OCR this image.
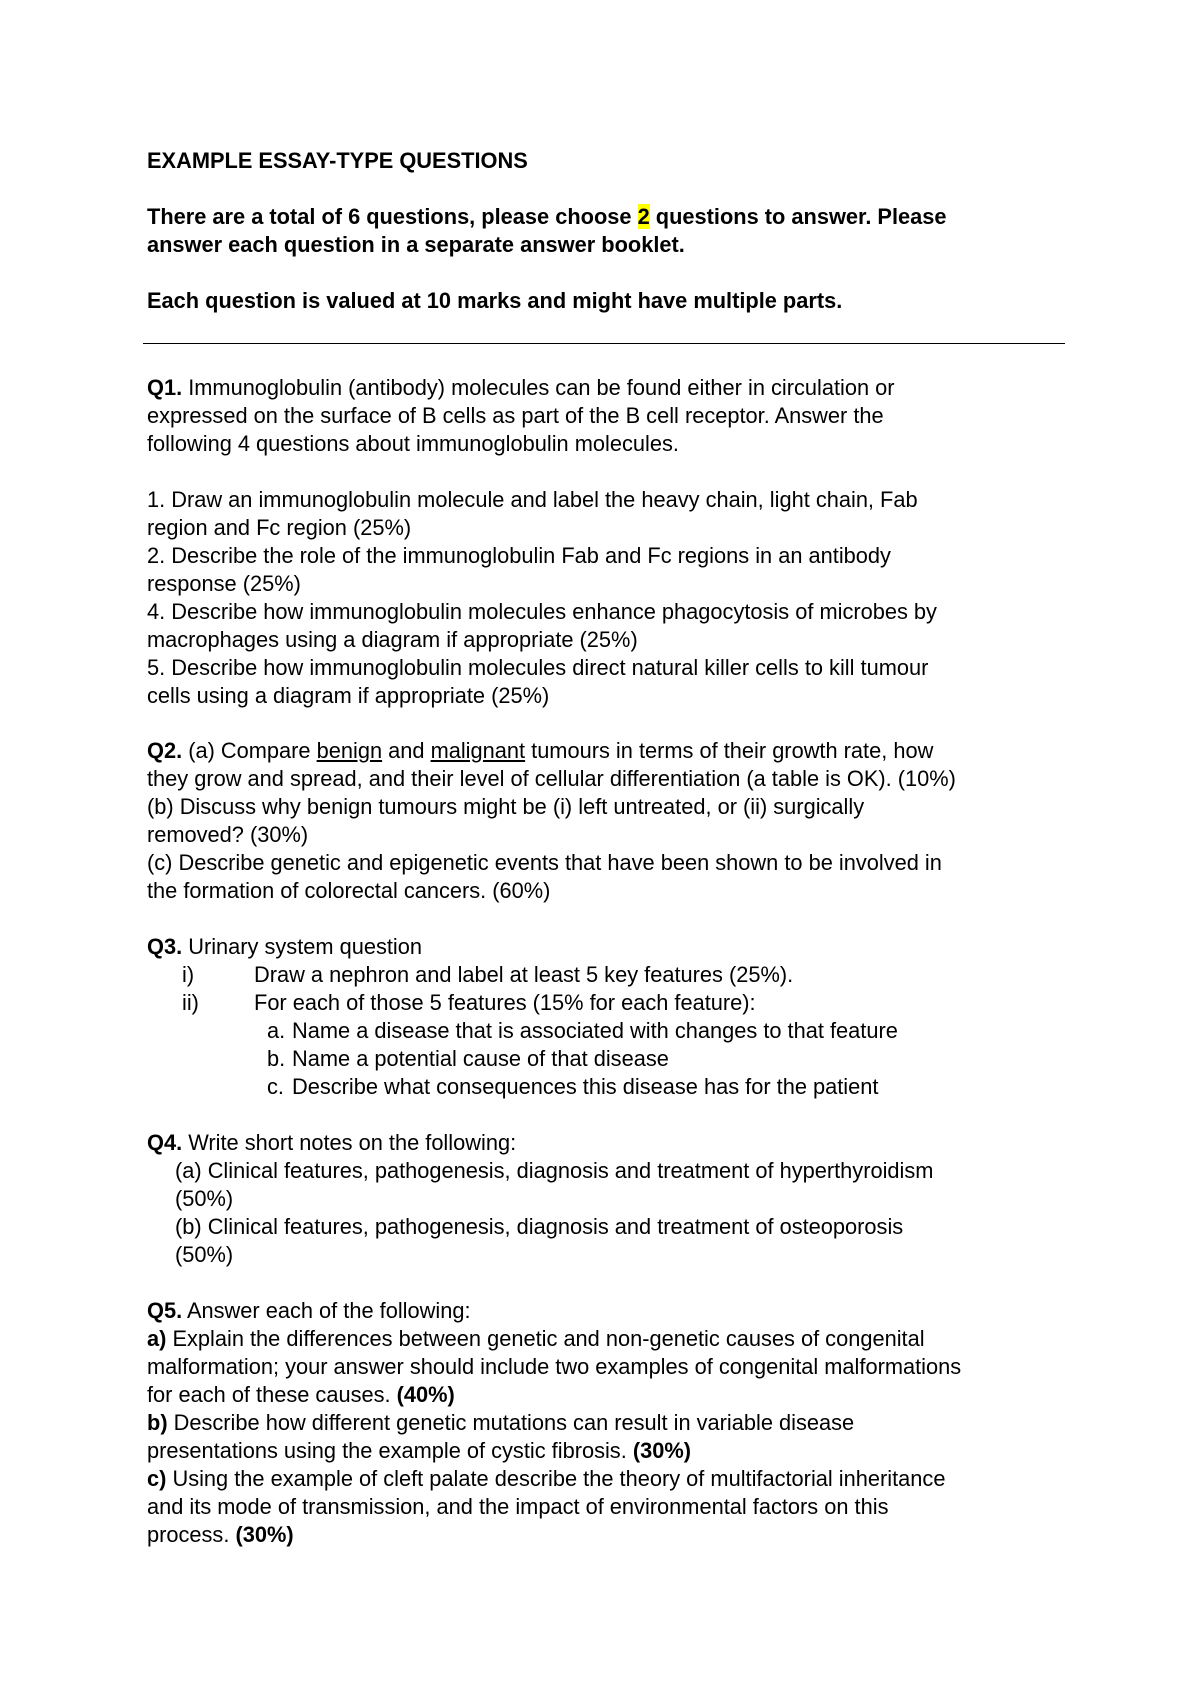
EXAMPLE ESSAY-TYPE QUESTIONS
There are a total of 6 questions, please choose 2 questions to answer. Please
answer each question in a separate answer booklet.
Each question is valued at 10 marks and might have multiple parts.
Q1. Immunoglobulin (antibody) molecules can be found either in circulation or
expressed on the surface of B cells as part of the B cell receptor. Answer the
following 4 questions about immunoglobulin molecules.
1. Draw an immunoglobulin molecule and label the heavy chain, light chain, Fab
region and Fc region (25%)
2. Describe the role of the immunoglobulin Fab and Fc regions in an antibody
response (25%)
4. Describe how immunoglobulin molecules enhance phagocytosis of microbes by
macrophages using a diagram if appropriate (25%)
5. Describe how immunoglobulin molecules direct natural killer cells to kill tumour
cells using a diagram if appropriate (25%)
Q2. (a) Compare benign and malignant tumours in terms of their growth rate, how
they grow and spread, and their level of cellular differentiation (a table is OK). (10%)
(b) Discuss why benign tumours might be (i) left untreated, or (ii) surgically
removed? (30%)
(c) Describe genetic and epigenetic events that have been shown to be involved in
the formation of colorectal cancers. (60%)
Q3. Urinary system question
i)	Draw a nephron and label at least 5 key features (25%).
ii)	For each of those 5 features (15% for each feature):
a. Name a disease that is associated with changes to that feature
b. Name a potential cause of that disease
c. Describe what consequences this disease has for the patient
Q4. Write short notes on the following:
(a) Clinical features, pathogenesis, diagnosis and treatment of hyperthyroidism
(50%)
(b) Clinical features, pathogenesis, diagnosis and treatment of osteoporosis
(50%)
Q5. Answer each of the following:
a) Explain the differences between genetic and non-genetic causes of congenital
malformation; your answer should include two examples of congenital malformations
for each of these causes. (40%)
b) Describe how different genetic mutations can result in variable disease
presentations using the example of cystic fibrosis. (30%)
c) Using the example of cleft palate describe the theory of multifactorial inheritance
and its mode of transmission, and the impact of environmental factors on this
process. (30%)
